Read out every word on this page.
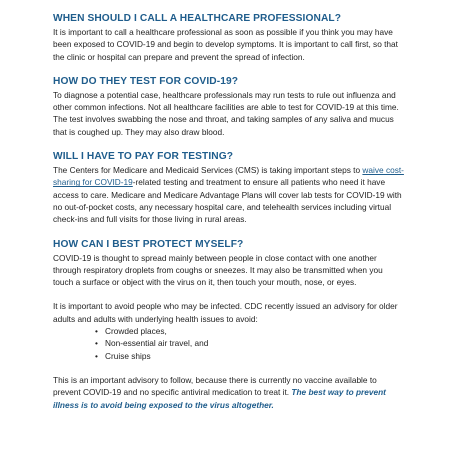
WHEN SHOULD I CALL A HEALTHCARE PROFESSIONAL?

It is important to call a healthcare professional as soon as possible if you think you may have been exposed to COVID-19 and begin to develop symptoms. It is important to call first, so that the clinic or hospital can prepare and prevent the spread of infection.

HOW DO THEY TEST FOR COVID-19?

To diagnose a potential case, healthcare professionals may run tests to rule out influenza and other common infections. Not all healthcare facilities are able to test for COVID-19 at this time. The test involves swabbing the nose and throat, and taking samples of any saliva and mucus that is coughed up. They may also draw blood.

WILL I HAVE TO PAY FOR TESTING?

The Centers for Medicare and Medicaid Services (CMS) is taking important steps to waive cost-sharing for COVID-19-related testing and treatment to ensure all patients who need it have access to care. Medicare and Medicare Advantage Plans will cover lab tests for COVID-19 with no out-of-pocket costs, any necessary hospital care, and telehealth services including virtual check-ins and full visits for those living in rural areas.

HOW CAN I BEST PROTECT MYSELF?

COVID-19 is thought to spread mainly between people in close contact with one another through respiratory droplets from coughs or sneezes. It may also be transmitted when you touch a surface or object with the virus on it, then touch your mouth, nose, or eyes.

It is important to avoid people who may be infected. CDC recently issued an advisory for older adults and adults with underlying health issues to avoid:

• Crowded places,
• Non-essential air travel, and
• Cruise ships

This is an important advisory to follow, because there is currently no vaccine available to prevent COVID-19 and no specific antiviral medication to treat it. The best way to prevent illness is to avoid being exposed to the virus altogether.
